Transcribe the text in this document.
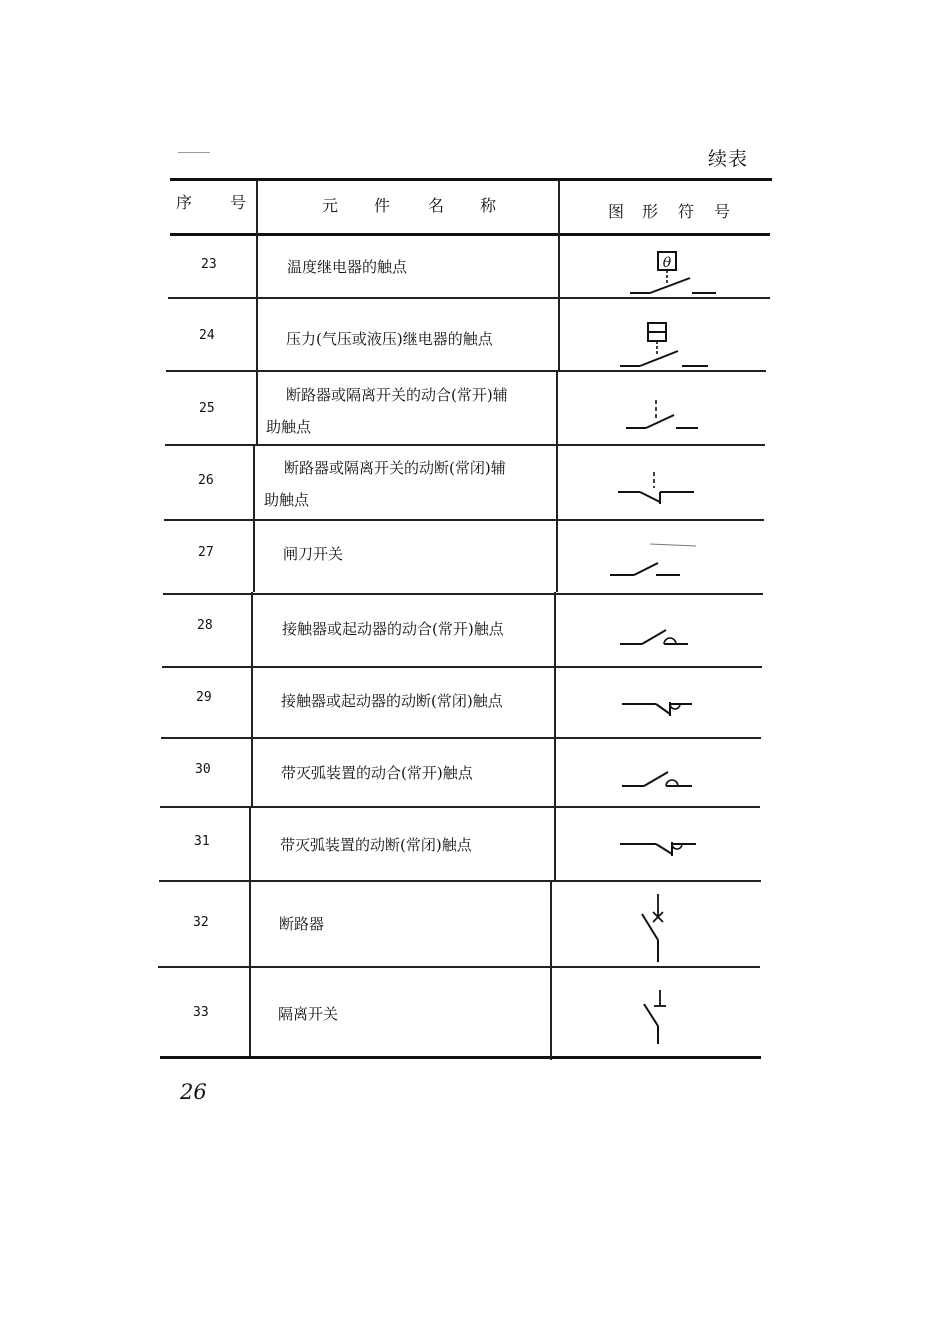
续表
序 号	元 件 名 称	图 形 符 号
23
24
25
26
27
28
29
30
31
32
33
温度继电器的触点
压力(气压或液压)继电器的触点
断路器或隔离开关的动合(常开)辅
助触点
断路器或隔离开关的动断(常闭)辅
助触点
闸刀开关
接触器或起动器的动合(常开)触点
接触器或起动器的动断(常闭)触点
带灭弧装置的动合(常开)触点
带灭弧装置的动断(常闭)触点
断路器
隔离开关
θ
26
